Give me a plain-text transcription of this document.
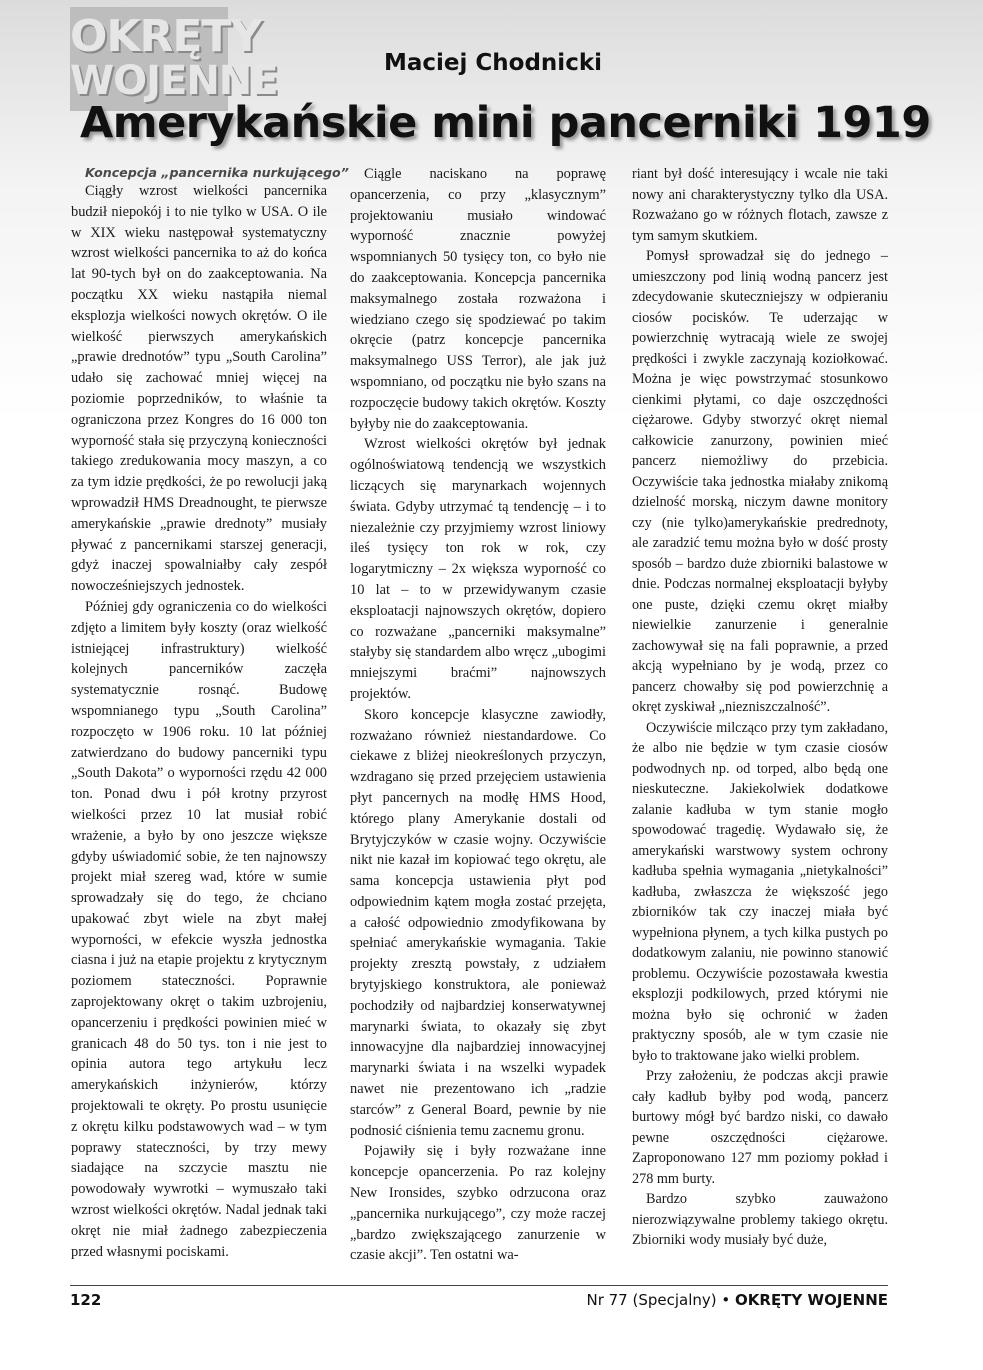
OKRĘTY
WOJENNE	Maciej Chodnicki
Amerykańskie mini pancerniki 1919
Koncepcja „pancernika nurkującego”

Ciągły wzrost wielkości pancernika budził niepokój i to nie tylko w USA. O ile w XIX wieku następował systematyczny wzrost wielkości pancernika to aż do końca lat 90-tych był on do zaakceptowania. Na początku XX wieku nastąpiła niemal eksplozja wielkości nowych okrętów. O ile wielkość pierwszych amerykańskich „prawie drednotów” typu „South Carolina” udało się zachować mniej więcej na poziomie poprzedników, to właśnie ta ograniczona przez Kongres do 16 000 ton wyporność stała się przyczyną konieczności takiego zredukowania mocy maszyn, a co za tym idzie prędkości, że po rewolucji jaką wprowadził HMS Dreadnought, te pierwsze amerykańskie „prawie drednoty” musiały pływać z pancernikami starszej generacji, gdyż inaczej spowalniałby cały zespół nowocześniejszych jednostek.

Później gdy ograniczenia co do wielkości zdjęto a limitem były koszty (oraz wielkość istniejącej infrastruktury) wielkość kolejnych pancerników zaczęła systematycznie rosnąć. Budowę wspomnianego typu „South Carolina” rozpoczęto w 1906 roku. 10 lat później zatwierdzano do budowy pancerniki typu „South Dakota” o wyporności rzędu 42 000 ton. Ponad dwu i pół krotny przyrost wielkości przez 10 lat musiał robić wrażenie, a było by ono jeszcze większe gdyby uświadomić sobie, że ten najnowszy projekt miał szereg wad, które w sumie sprowadzały się do tego, że chciano upakować zbyt wiele na zbyt małej wyporności, w efekcie wyszła jednostka ciasna i już na etapie projektu z krytycznym poziomem stateczności. Poprawnie zaprojektowany okręt o takim uzbrojeniu, opancerzeniu i prędkości powinien mieć w granicach 48 do 50 tys. ton i nie jest to opinia autora tego artykułu lecz amerykańskich inżynierów, którzy projektowali te okręty. Po prostu usunięcie z okrętu kilku podstawowych wad – w tym poprawy stateczności, by trzy mewy siadające na szczycie masztu nie powodowały wywrotki – wymuszało taki wzrost wielkości okrętów. Nadal jednak taki okręt nie miał żadnego zabezpieczenia przed własnymi pociskami.

Ciągle naciskano na poprawę opancerzenia, co przy „klasycznym” projektowaniu musiało windować wyporność znacznie powyżej wspomnianych 50 tysięcy ton, co było nie do zaakceptowania. Koncepcja pancernika maksymalnego została rozważona i wiedziano czego się spodziewać po takim okręcie (patrz koncepcje pancernika maksymalnego USS Terror), ale jak już wspomniano, od początku nie było szans na rozpoczęcie budowy takich okrętów. Koszty byłyby nie do zaakceptowania.

Wzrost wielkości okrętów był jednak ogólnoświatową tendencją we wszystkich liczących się marynarkach wojennych świata. Gdyby utrzymać tą tendencję – i to niezależnie czy przyjmiemy wzrost liniowy ileś tysięcy ton rok w rok, czy logarytmiczny – 2x większa wyporność co 10 lat – to w przewidywanym czasie eksploatacji najnowszych okrętów, dopiero co rozważane „pancerniki maksymalne” stałyby się standardem albo wręcz „ubogimi mniejszymi braćmi” najnowszych projektów.

Skoro koncepcje klasyczne zawiodły, rozważano również niestandardowe. Co ciekawe z bliżej nieokreślonych przyczyn, wzdragano się przed przejęciem ustawienia płyt pancernych na modłę HMS Hood, którego plany Amerykanie dostali od Brytyjczyków w czasie wojny. Oczywiście nikt nie kazał im kopiować tego okrętu, ale sama koncepcja ustawienia płyt pod odpowiednim kątem mogła zostać przejęta, a całość odpowiednio zmodyfikowana by spełniać amerykańskie wymagania. Takie projekty zresztą powstały, z udziałem brytyjskiego konstruktora, ale ponieważ pochodziły od najbardziej konserwatywnej marynarki świata, to okazały się zbyt innowacyjne dla najbardziej innowacyjnej marynarki świata i na wszelki wypadek nawet nie prezentowano ich „radzie starców” z General Board, pewnie by nie podnosić ciśnienia temu zacnemu gronu.

Pojawiły się i były rozważane inne koncepcje opancerzenia. Po raz kolejny New Ironsides, szybko odrzucona oraz „pancernika nurkującego”, czy może raczej „bardzo zwiększającego zanurzenie w czasie akcji”. Ten ostatni wa-

riant był dość interesujący i wcale nie taki nowy ani charakterystyczny tylko dla USA. Rozważano go w różnych flotach, zawsze z tym samym skutkiem.

Pomysł sprowadzał się do jednego – umieszczony pod linią wodną pancerz jest zdecydowanie skuteczniejszy w odpieraniu ciosów pocisków. Te uderzając w powierzchnię wytracają wiele ze swojej prędkości i zwykle zaczynają koziołkować. Można je więc powstrzymać stosunkowo cienkimi płytami, co daje oszczędności ciężarowe. Gdyby stworzyć okręt niemal całkowicie zanurzony, powinien mieć pancerz niemożliwy do przebicia. Oczywiście taka jednostka miałaby znikomą dzielność morską, niczym dawne monitory czy (nie tylko)amerykańskie predrednoty, ale zaradzić temu można było w dość prosty sposób – bardzo duże zbiorniki balastowe w dnie. Podczas normalnej eksploatacji byłyby one puste, dzięki czemu okręt miałby niewielkie zanurzenie i generalnie zachowywał się na fali poprawnie, a przed akcją wypełniano by je wodą, przez co pancerz chowałby się pod powierzchnię a okręt zyskiwał „niezniszczalność”.

Oczywiście milcząco przy tym zakładano, że albo nie będzie w tym czasie ciosów podwodnych np. od torped, albo będą one nieskuteczne. Jakiekolwiek dodatkowe zalanie kadłuba w tym stanie mogło spowodować tragedię. Wydawało się, że amerykański warstwowy system ochrony kadłuba spełnia wymagania „nietykalności” kadłuba, zwłaszcza że większość jego zbiorników tak czy inaczej miała być wypełniona płynem, a tych kilka pustych po dodatkowym zalaniu, nie powinno stanowić problemu. Oczywiście pozostawała kwestia eksplozji podkilowych, przed którymi nie można było się ochronić w żaden praktyczny sposób, ale w tym czasie nie było to traktowane jako wielki problem.

Przy założeniu, że podczas akcji prawie cały kadłub byłby pod wodą, pancerz burtowy mógł być bardzo niski, co dawało pewne oszczędności ciężarowe. Zaproponowano 127 mm poziomy pokład i 278 mm burty.

Bardzo szybko zauważono nierozwiązywalne problemy takiego okrętu. Zbiorniki wody musiały być duże,

122	Nr 77 (Specjalny) • OKRĘTY WOJENNE
